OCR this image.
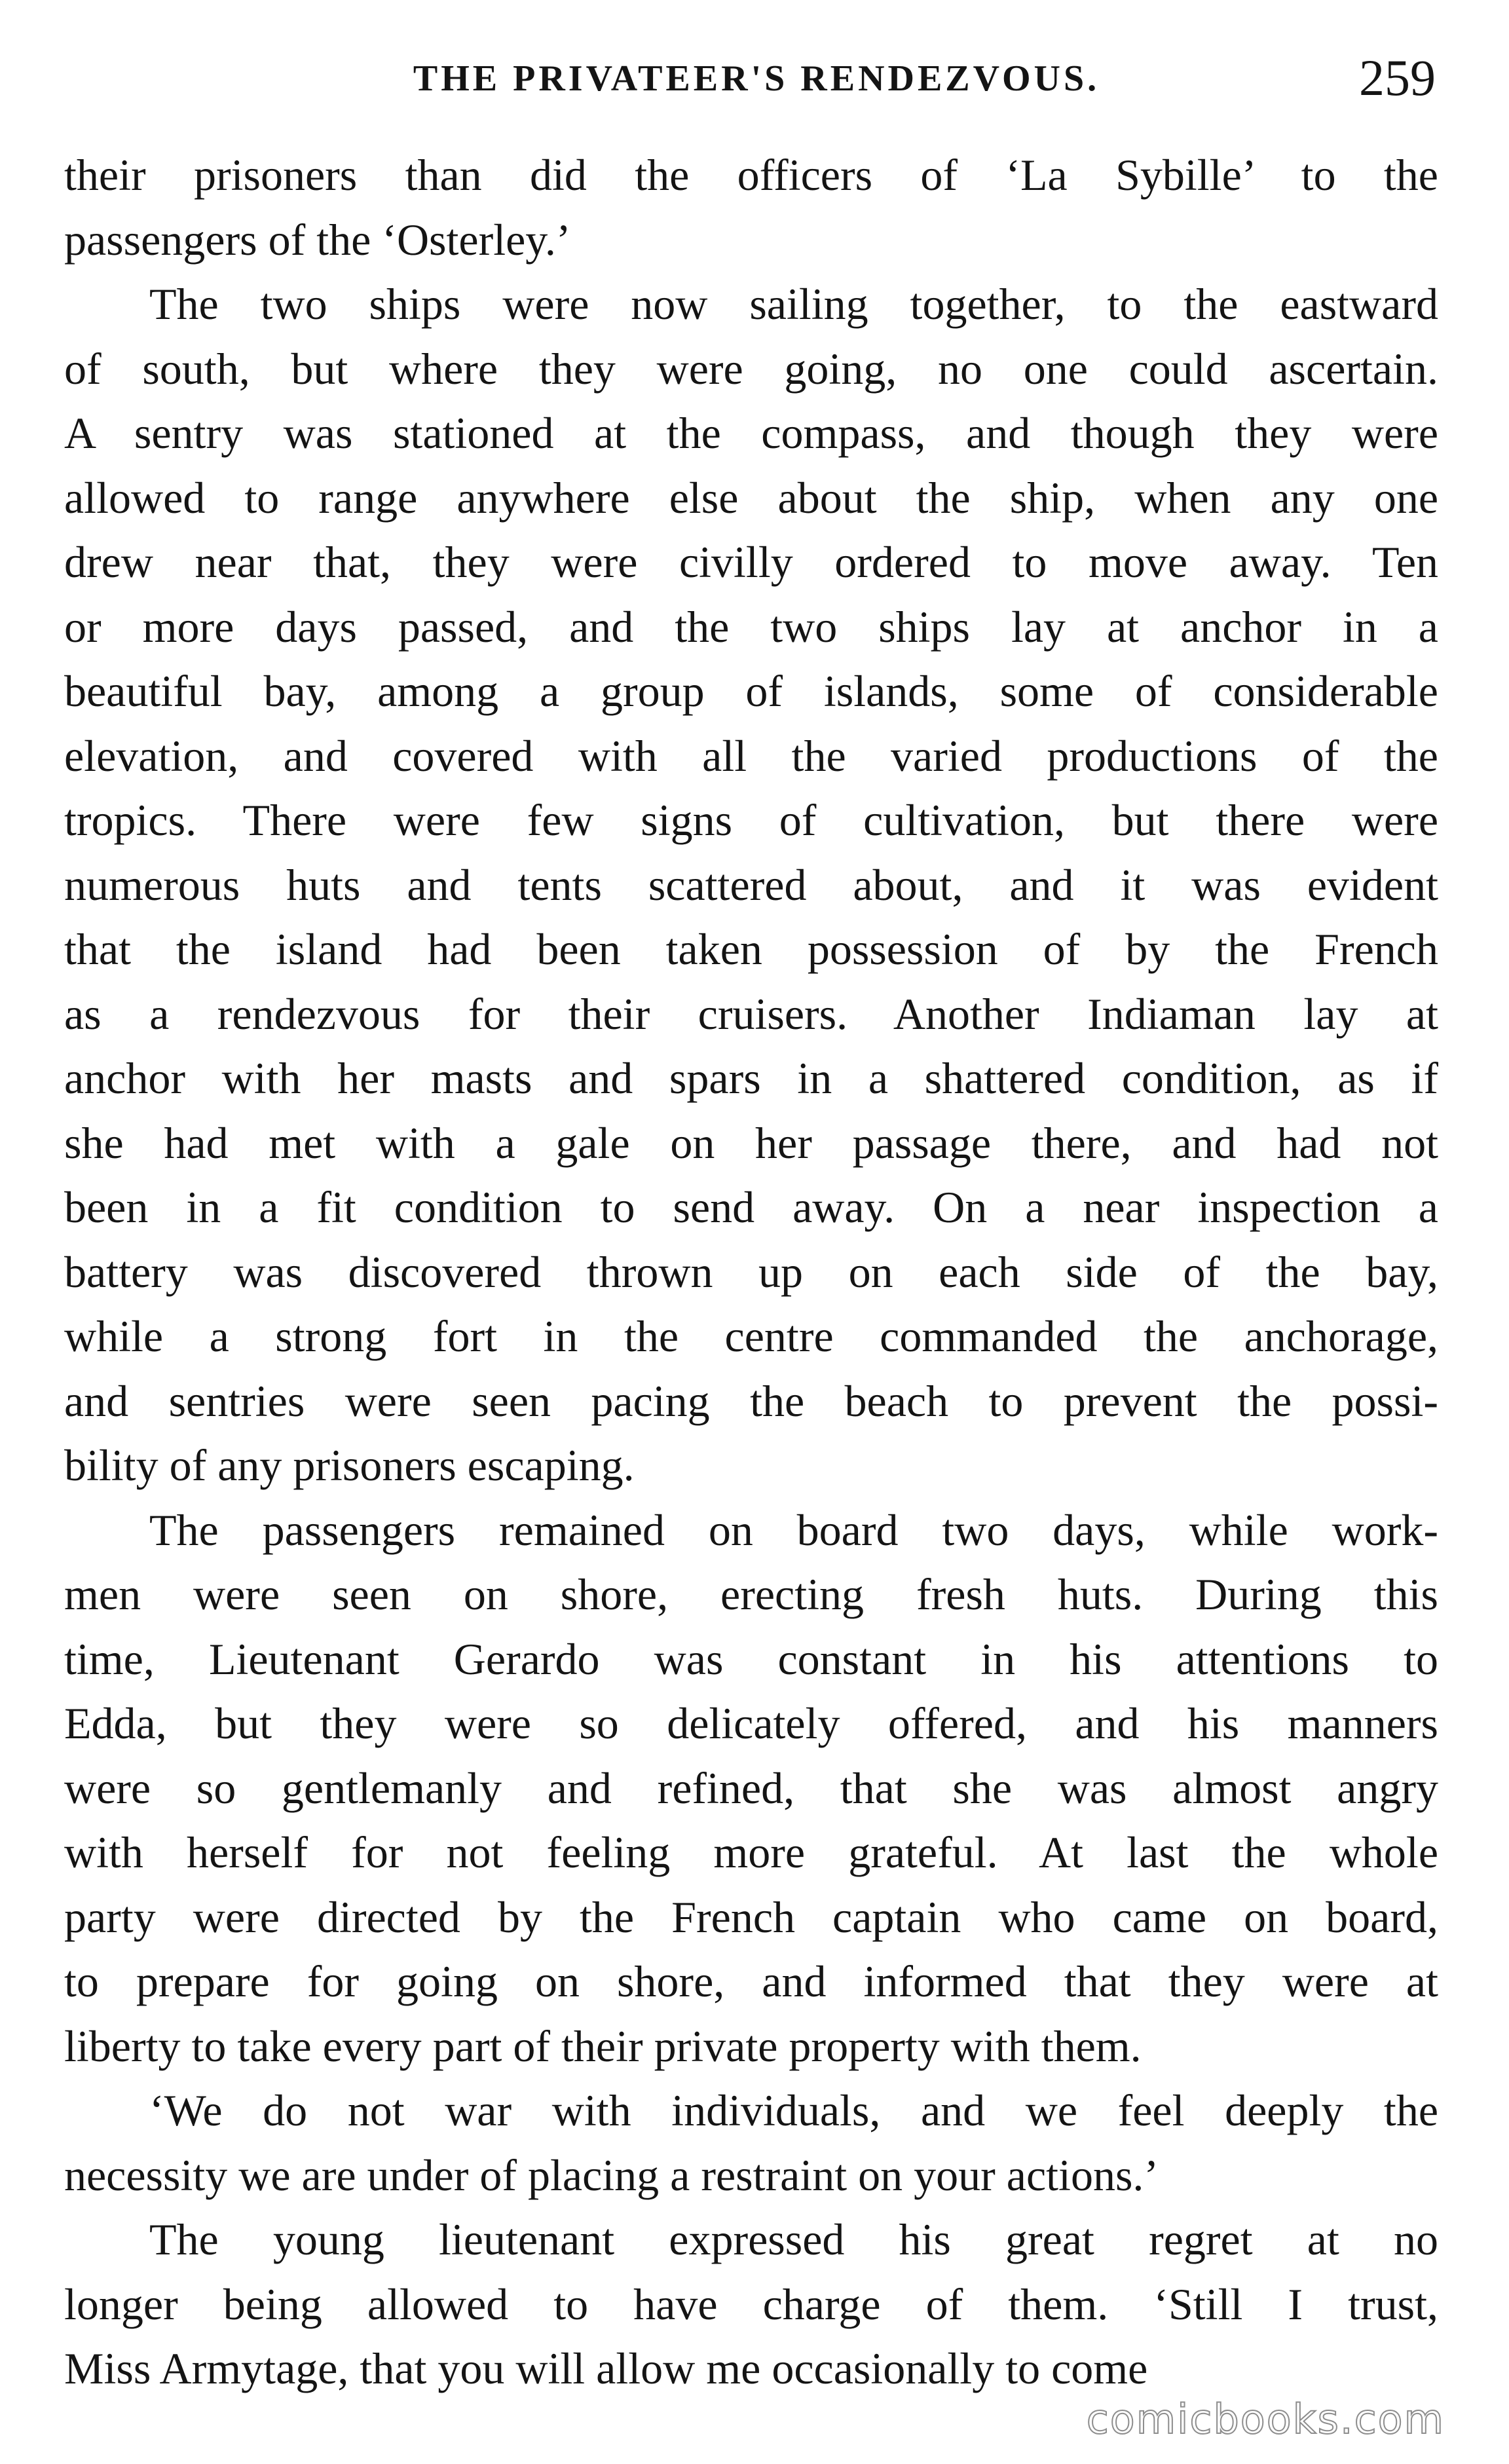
THE PRIVATEER'S RENDEZVOUS.	259
their prisoners than did the officers of ‘La Sybille’ to the
passengers of the ‘Osterley.’
The two ships were now sailing together, to the eastward
of south, but where they were going, no one could ascertain.
A sentry was stationed at the compass, and though they were
allowed to range anywhere else about the ship, when any one
drew near that, they were civilly ordered to move away. Ten
or more days passed, and the two ships lay at anchor in a
beautiful bay, among a group of islands, some of considerable
elevation, and covered with all the varied productions of the
tropics. There were few signs of cultivation, but there were
numerous huts and tents scattered about, and it was evident
that the island had been taken possession of by the French
as a rendezvous for their cruisers. Another Indiaman lay at
anchor with her masts and spars in a shattered condition, as if
she had met with a gale on her passage there, and had not
been in a fit condition to send away. On a near inspection a
battery was discovered thrown up on each side of the bay,
while a strong fort in the centre commanded the anchorage,
and sentries were seen pacing the beach to prevent the possi-
bility of any prisoners escaping.
The passengers remained on board two days, while work-
men were seen on shore, erecting fresh huts. During this
time, Lieutenant Gerardo was constant in his attentions to
Edda, but they were so delicately offered, and his manners
were so gentlemanly and refined, that she was almost angry
with herself for not feeling more grateful. At last the whole
party were directed by the French captain who came on board,
to prepare for going on shore, and informed that they were at
liberty to take every part of their private property with them.
‘We do not war with individuals, and we feel deeply the
necessity we are under of placing a restraint on your actions.’
The young lieutenant expressed his great regret at no
longer being allowed to have charge of them. ‘Still I trust,
Miss Armytage, that you will allow me occasionally to come
comicbooks.com
